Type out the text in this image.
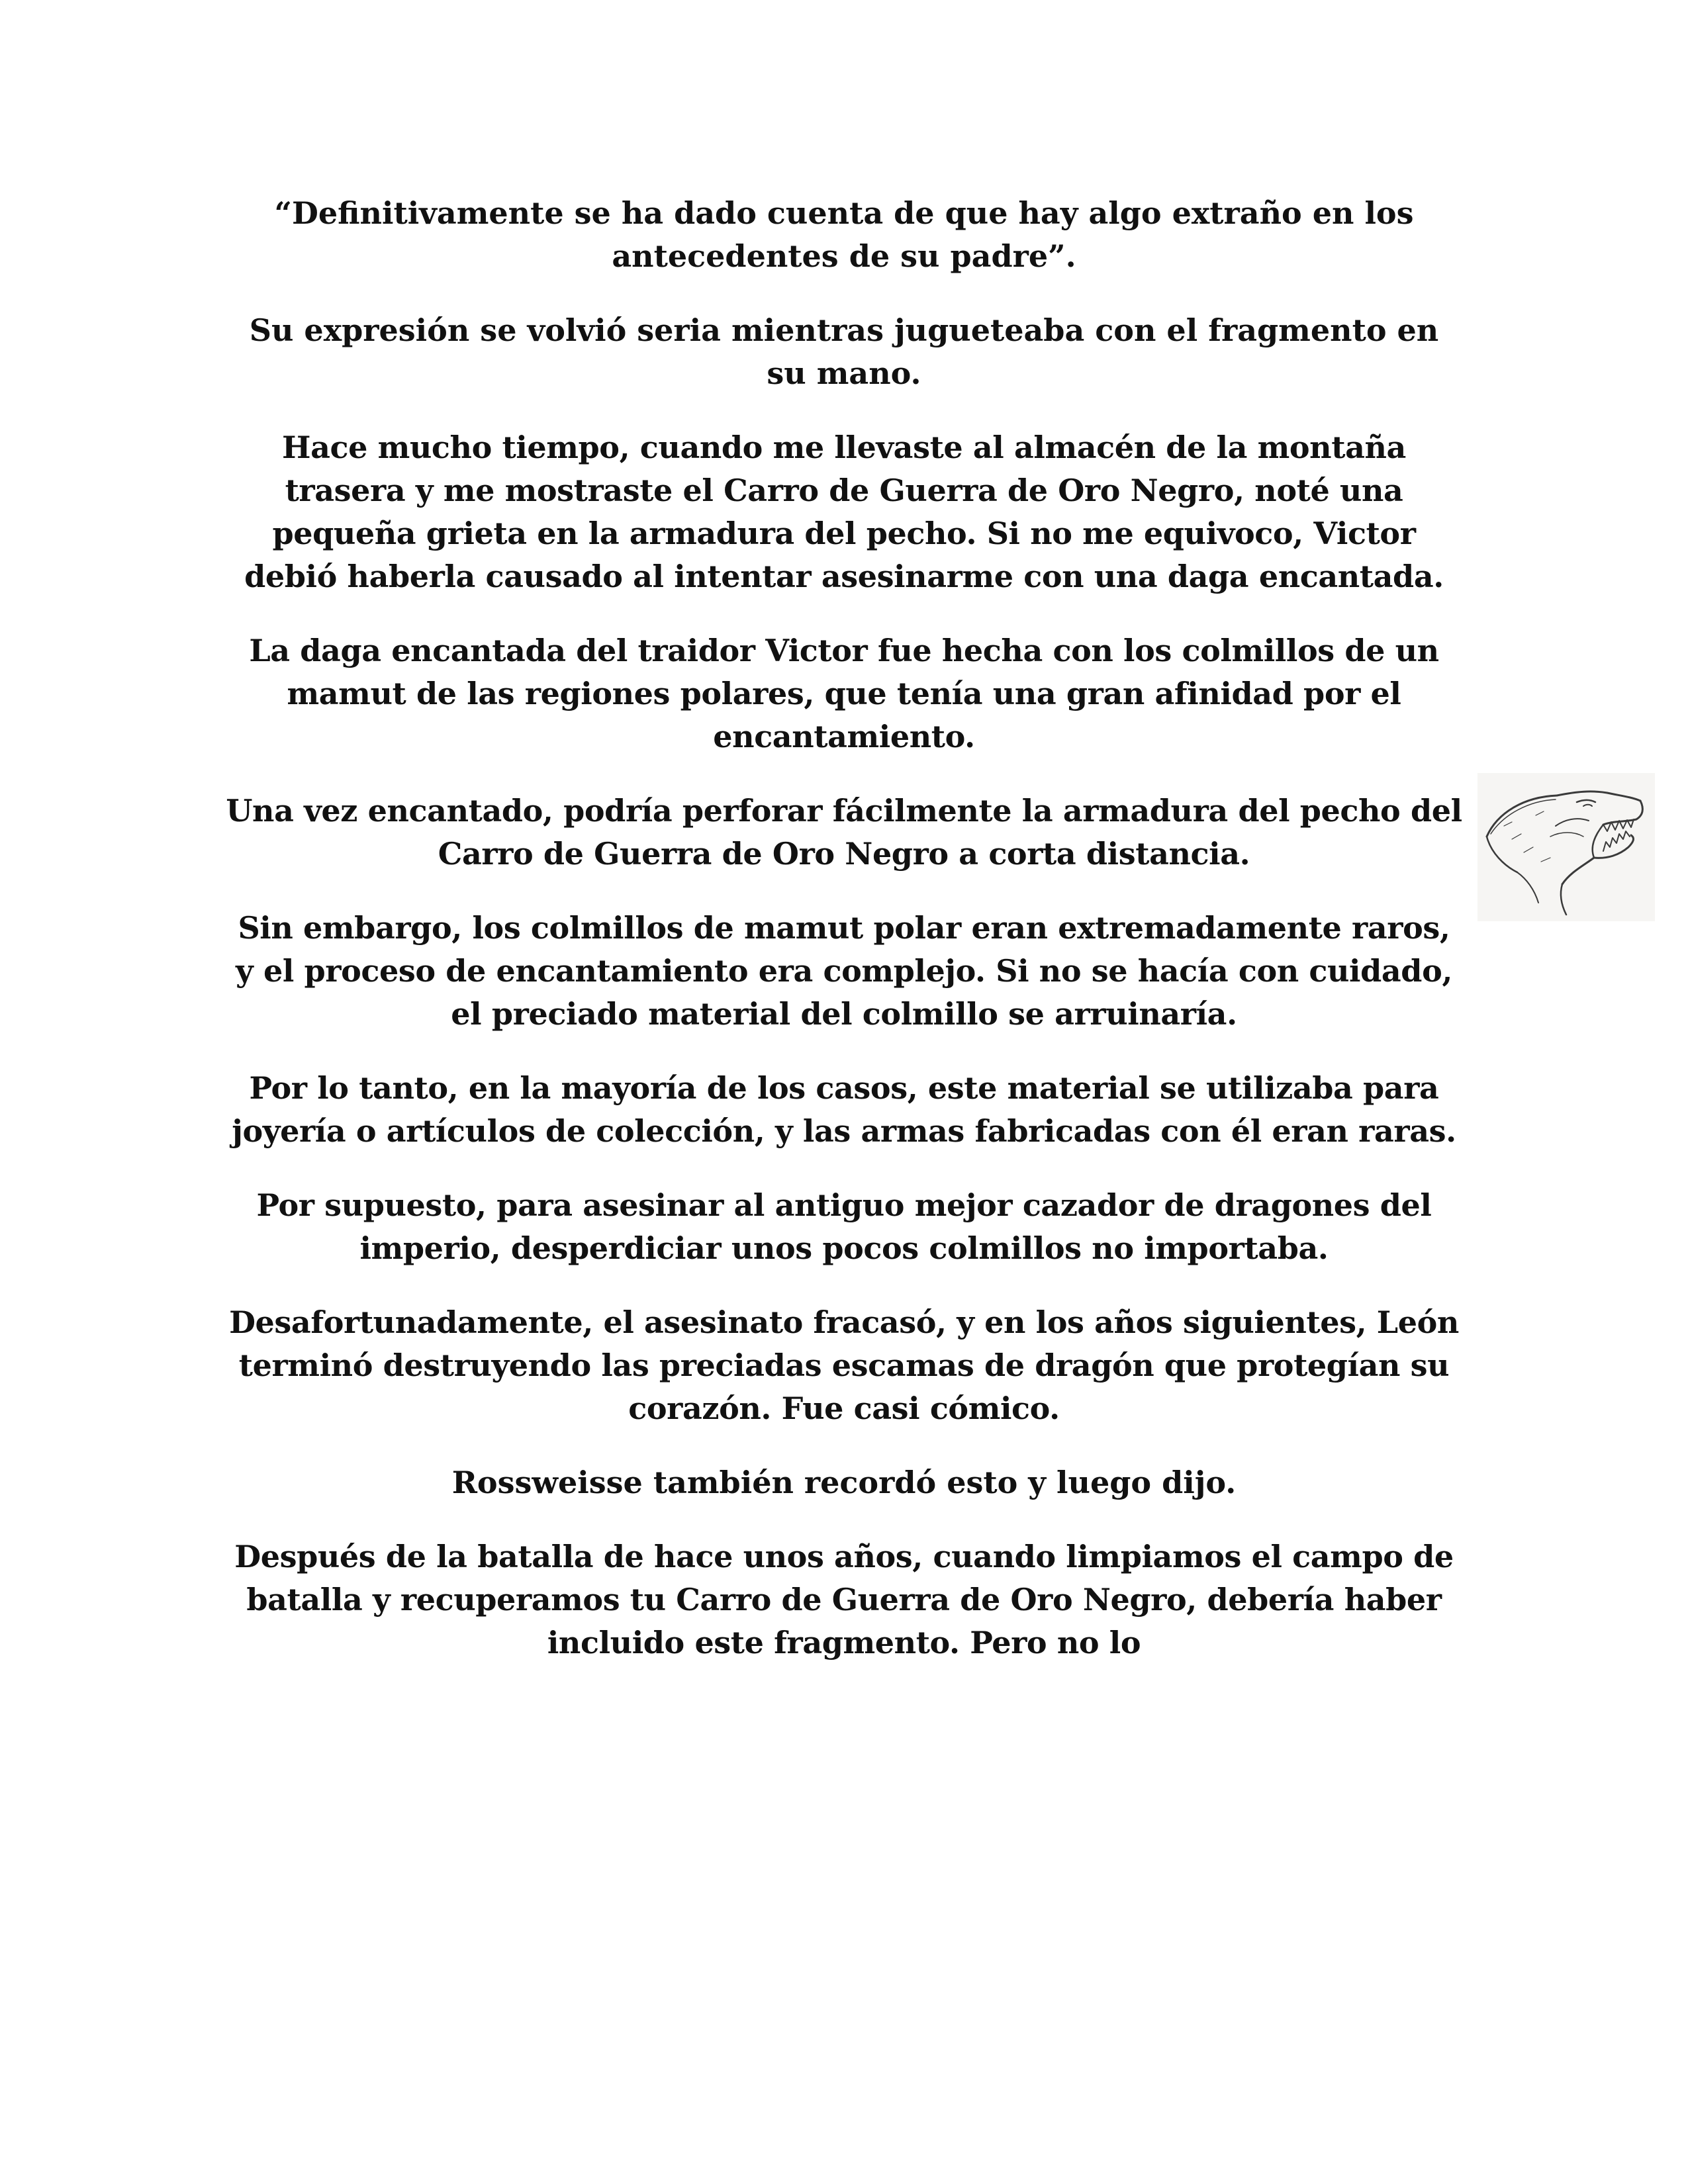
“Definitivamente se ha dado cuenta de que hay algo extraño en los antecedentes de su padre”.

Su expresión se volvió seria mientras jugueteaba con el fragmento en su mano.

Hace mucho tiempo, cuando me llevaste al almacén de la montaña trasera y me mostraste el Carro de Guerra de Oro Negro, noté una pequeña grieta en la armadura del pecho. Si no me equivoco, Victor debió haberla causado al intentar asesinarme con una daga encantada.

La daga encantada del traidor Victor fue hecha con los colmillos de un mamut de las regiones polares, que tenía una gran afinidad por el encantamiento.

Una vez encantado, podría perforar fácilmente la armadura del pecho del Carro de Guerra de Oro Negro a corta distancia.

Sin embargo, los colmillos de mamut polar eran extremadamente raros, y el proceso de encantamiento era complejo. Si no se hacía con cuidado, el preciado material del colmillo se arruinaría.

Por lo tanto, en la mayoría de los casos, este material se utilizaba para joyería o artículos de colección, y las armas fabricadas con él eran raras.

Por supuesto, para asesinar al antiguo mejor cazador de dragones del imperio, desperdiciar unos pocos colmillos no importaba.

Desafortunadamente, el asesinato fracasó, y en los años siguientes, León terminó destruyendo las preciadas escamas de dragón que protegían su corazón. Fue casi cómico.

Rossweisse también recordó esto y luego dijo.

Después de la batalla de hace unos años, cuando limpiamos el campo de batalla y recuperamos tu Carro de Guerra de Oro Negro, debería haber incluido este fragmento. Pero no lo
